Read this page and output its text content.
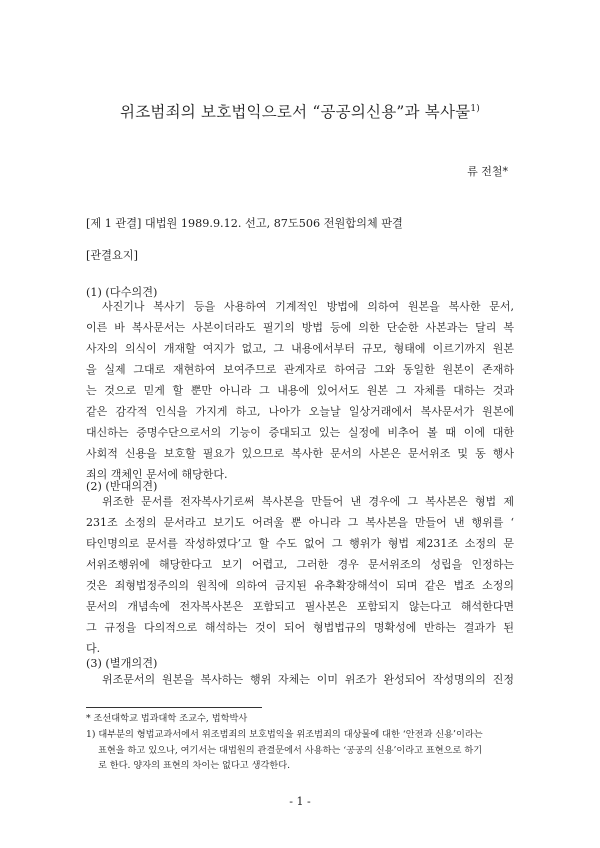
위조범죄의 보호법익으로서 “공공의신용”과 복사물$^{1)}$
류 전철*
[제 1 관결] 대법원 1989.9.12. 선고, 87도506 전원합의체 판결
[관결요지]
(1) (다수의견)
사진기나 복사기 등을 사용하여 기계적인 방법에 의하여 원본을 복사한 문서,
이른 바 복사문서는 사본이더라도 필기의 방법 등에 의한 단순한 사본과는 달리 복
사자의 의식이 개재할 여지가 없고, 그 내용에서부터 규모, 형태에 이르기까지 원본
을 실제 그대로 재현하여 보여주므로 관계자로 하여금 그와 동일한 원본이 존재하
는 것으로 믿게 할 뿐만 아니라 그 내용에 있어서도 원본 그 자체를 대하는 것과
같은 감각적 인식을 가지게 하고, 나아가 오늘날 일상거래에서 복사문서가 원본에
대신하는 증명수단으로서의 기능이 증대되고 있는 실정에 비추어 볼 때 이에 대한
사회적 신용을 보호할 필요가 있으므로 복사한 문서의 사본은 문서위조 및 동 행사
죄의 객체인 문서에 해당한다.
(2) (반대의견)
위조한 문서를 전자복사기로써 복사본을 만들어 낸 경우에 그 복사본은 형법 제
231조 소정의 문서라고 보기도 어려울 뿐 아니라 그 복사본을 만들어 낸 행위를 ‘
타인명의로 문서를 작성하였다’고 할 수도 없어 그 행위가 형법 제231조 소정의 문
서위조행위에 해당한다고 보기 어렵고, 그러한 경우 문서위조의 성립을 인정하는
것은 죄형법정주의의 원칙에 의하여 금지된 유추확장해석이 되며 같은 법조 소정의
문서의 개념속에 전자복사본은 포함되고 필사본은 포함되지 않는다고 해석한다면
그 규정을 다의적으로 해석하는 것이 되어 형법법규의 명확성에 반하는 결과가 된
다.
(3) (별개의견)
위조문서의 원본을 복사하는 행위 자체는 이미 위조가 완성되어 작성명의의 진정
* 조선대학교 법과대학 조교수, 법학박사
1) 대부분의 형법교과서에서 위조범죄의 보호법익을 위조범죄의 대상물에 대한 ‘안전과 신용’이라는
표현을 하고 있으나, 여기서는 대법원의 관결문에서 사용하는 ‘공공의 신용’이라고 표현으로 하기
로 한다. 양자의 표현의 차이는 없다고 생각한다.
- 1 -
